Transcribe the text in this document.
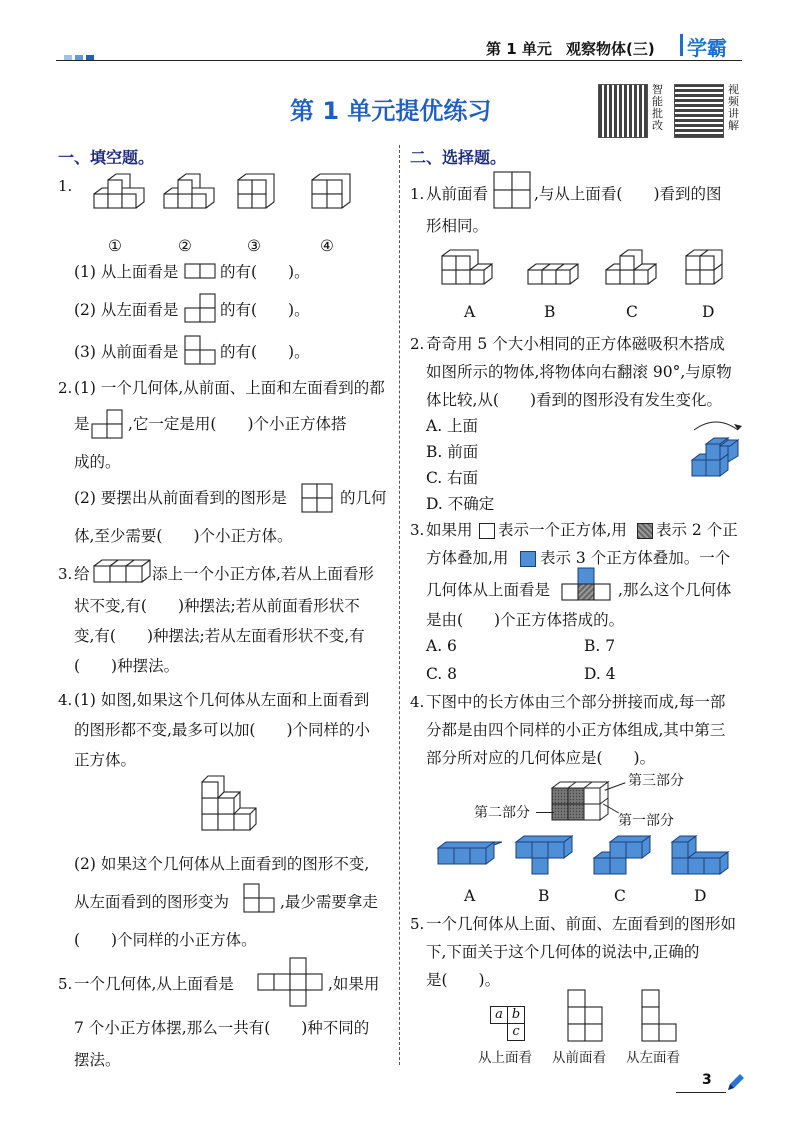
第 1 单元 观察物体(三) 学霸
第 1 单元提优练习
智能批改
视频讲解
一、填空题。
1.
①	②	③	④
(1) 从上面看是	的有(　　)。
(2) 从左面看是	的有(　　)。
(3) 从前面看是	的有(　　)。
2. (1) 一个几何体,从前面、上面和左面看到的都
是 ,它一定是用(　　)个小正方体搭
成的。
(2) 要摆出从前面看到的图形是	的几何
体,至少需要(　　)个小正方体。
3. 给	添上一个小正方体,若从上面看形
状不变,有(　　)种摆法;若从前面看形状不
变,有(　　)种摆法;若从左面看形状不变,有
(　　)种摆法。
4. (1) 如图,如果这个几何体从左面和上面看到
的图形都不变,最多可以加(　　)个同样的小
正方体。
(2) 如果这个几何体从上面看到的图形不变,
从左面看到的图形变为	,最少需要拿走
(　　)个同样的小正方体。
5. 一个几何体,从上面看是	,如果用
7 个小正方体摆,那么一共有(　　)种不同的
摆法。
二、选择题。
1. 从前面看	,与从上面看(　　)看到的图
形相同。
A	B	C	D
2. 奇奇用 5 个大小相同的正方体磁吸积木搭成
如图所示的物体,将物体向右翻滚 90°,与原物
体比较,从(　　)看到的图形没有发生变化。
A. 上面
B. 前面
C. 右面
D. 不确定
3. 如果用 表示一个正方体,用 表示 2 个正
方体叠加,用 表示 3 个正方体叠加。一个
几何体从上面看是	,那么这个几何体
是由(　　)个正方体搭成的。
A. 6	B. 7
C. 8	D. 4
4. 下图中的长方体由三个部分拼接而成,每一部
分都是由四个同样的小正方体组成,其中第三
部分所对应的几何体应是(　　)。
第三部分
第二部分	第一部分
A	B	C	D
5. 一个几何体从上面、前面、左面看到的图形如
下,下面关于这个几何体的说法中,正确的
是(　　)。
a b
c
从上面看 从前面看 从左面看
3
